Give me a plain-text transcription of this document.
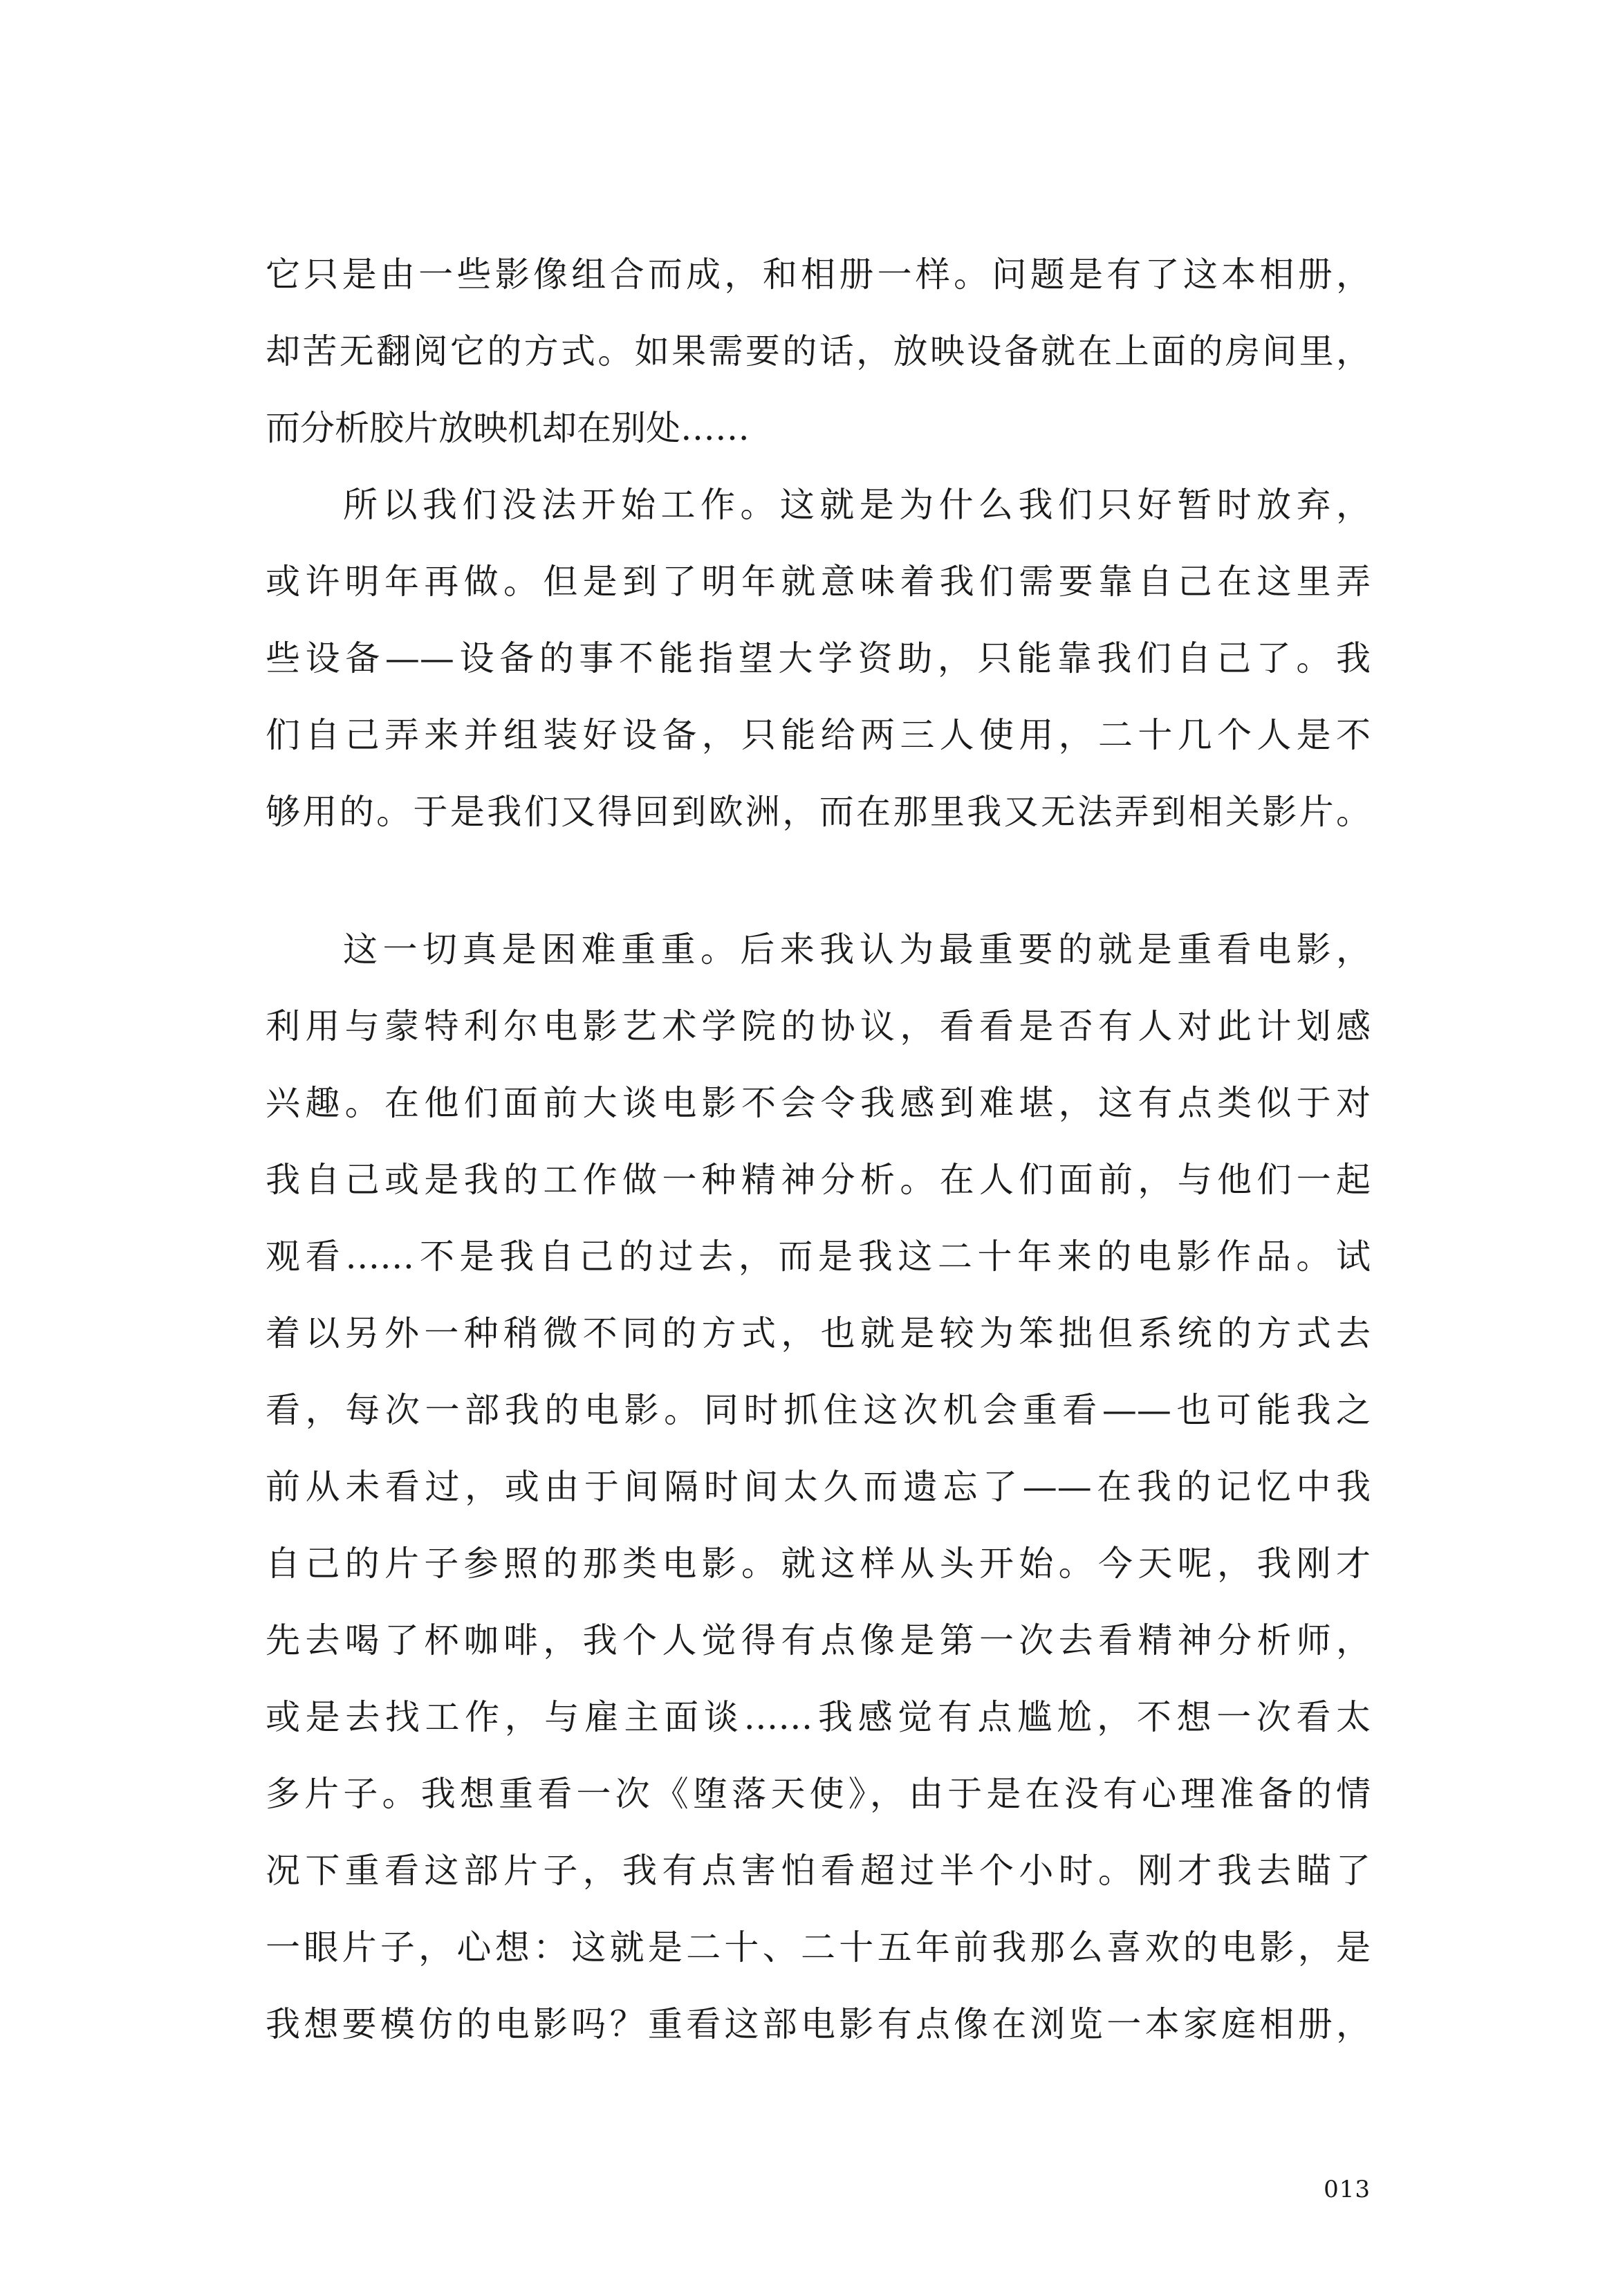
它只是由一些影像组合而成，和相册一样。问题是有了这本相册，
却苦无翻阅它的方式。如果需要的话，放映设备就在上面的房间里，
而分析胶片放映机却在别处……
所以我们没法开始工作。这就是为什么我们只好暂时放弃，
或许明年再做。但是到了明年就意味着我们需要靠自己在这里弄
些设备——设备的事不能指望大学资助，只能靠我们自己了。我
们自己弄来并组装好设备，只能给两三人使用，二十几个人是不
够用的。于是我们又得回到欧洲，而在那里我又无法弄到相关影片。
这一切真是困难重重。后来我认为最重要的就是重看电影，
利用与蒙特利尔电影艺术学院的协议，看看是否有人对此计划感
兴趣。在他们面前大谈电影不会令我感到难堪，这有点类似于对
我自己或是我的工作做一种精神分析。在人们面前，与他们一起
观看……不是我自己的过去，而是我这二十年来的电影作品。试
着以另外一种稍微不同的方式，也就是较为笨拙但系统的方式去
看，每次一部我的电影。同时抓住这次机会重看——也可能我之
前从未看过，或由于间隔时间太久而遗忘了——在我的记忆中我
自己的片子参照的那类电影。就这样从头开始。今天呢，我刚才
先去喝了杯咖啡，我个人觉得有点像是第一次去看精神分析师，
或是去找工作，与雇主面谈……我感觉有点尴尬，不想一次看太
多片子。我想重看一次《堕落天使》，由于是在没有心理准备的情
况下重看这部片子，我有点害怕看超过半个小时。刚才我去瞄了
一眼片子，心想：这就是二十、二十五年前我那么喜欢的电影，是
我想要模仿的电影吗？重看这部电影有点像在浏览一本家庭相册，
013
